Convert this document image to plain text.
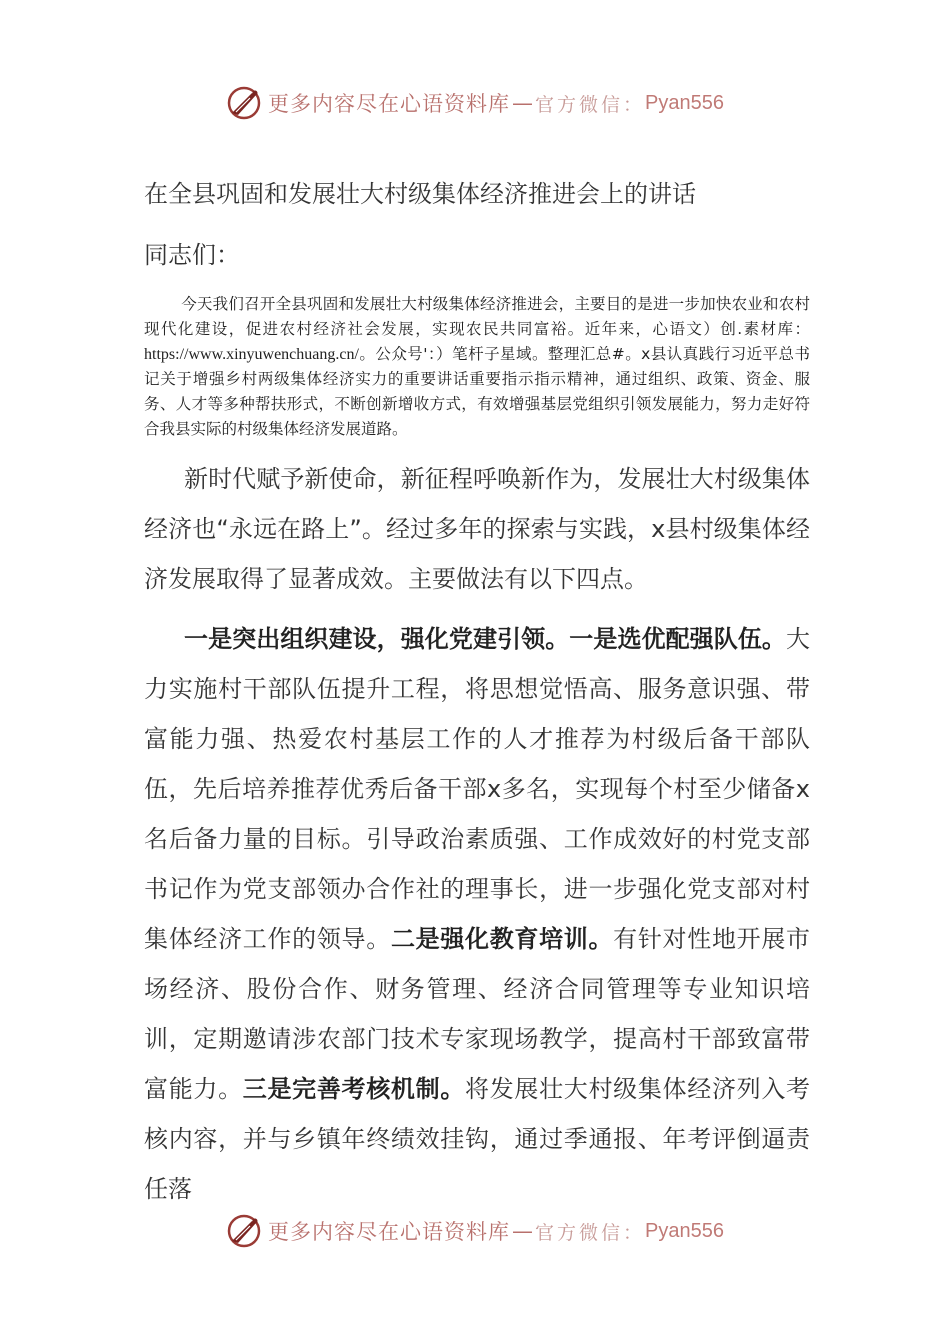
更多内容尽在心语资料库 — 官方微信： Pyan556
在全县巩固和发展壮大村级集体经济推进会上的讲话
同志们：
今天我们召开全县巩固和发展壮大村级集体经济推进会，主要目的是进一步加快农业和农村现代化建设，促进农村经济社会发展，实现农民共同富裕。近年来，心语文）创.素材库：https://www.xinyuwenchuang.cn/。公众号'：）笔杆子星域。整理汇总#。x县认真践行习近平总书记关于增强乡村两级集体经济实力的重要讲话重要指示指示精神，通过组织、政策、资金、服务、人才等多种帮扶形式，不断创新增收方式，有效增强基层党组织引领发展能力，努力走好符合我县实际的村级集体经济发展道路。
新时代赋予新使命，新征程呼唤新作为，发展壮大村级集体经济也“永远在路上”。经过多年的探索与实践，x县村级集体经济发展取得了显著成效。主要做法有以下四点。
一是突出组织建设，强化党建引领。一是选优配强队伍。大力实施村干部队伍提升工程，将思想觉悟高、服务意识强、带富能力强、热爱农村基层工作的人才推荐为村级后备干部队伍，先后培养推荐优秀后备干部x多名，实现每个村至少储备x名后备力量的目标。引导政治素质强、工作成效好的村党支部书记作为党支部领办合作社的理事长，进一步强化党支部对村集体经济工作的领导。二是强化教育培训。有针对性地开展市场经济、股份合作、财务管理、经济合同管理等专业知识培训，定期邀请涉农部门技术专家现场教学，提高村干部致富带富能力。三是完善考核机制。将发展壮大村级集体经济列入考核内容，并与乡镇年终绩效挂钩，通过季通报、年考评倒逼责任落
更多内容尽在心语资料库 — 官方微信： Pyan556
